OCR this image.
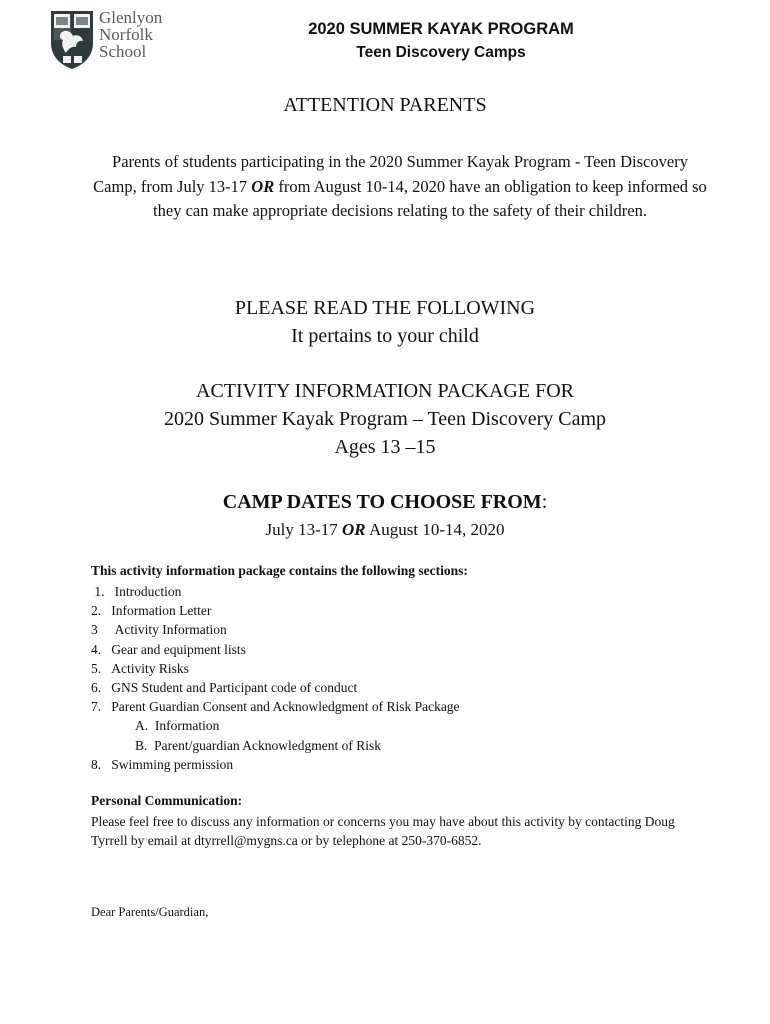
Glenlyon
Norfolk
School
2020 SUMMER KAYAK PROGRAM
Teen Discovery Camps
ATTENTION PARENTS
Parents of students participating in the 2020 Summer Kayak Program - Teen Discovery Camp, from July 13-17 OR from August 10-14, 2020 have an obligation to keep informed so they can make appropriate decisions relating to the safety of their children.
PLEASE READ THE FOLLOWING
It pertains to your child
ACTIVITY INFORMATION PACKAGE FOR
2020 Summer Kayak Program – Teen Discovery Camp
Ages 13 –15
CAMP DATES TO CHOOSE FROM:
July 13-17 OR August 10-14, 2020
This activity information package contains the following sections:
1.   Introduction
2.   Information Letter
3     Activity Information
4.   Gear and equipment lists
5.   Activity Risks
6.   GNS Student and Participant code of conduct
7.   Parent Guardian Consent and Acknowledgment of Risk Package
A.  Information
B.  Parent/guardian Acknowledgment of Risk
8.   Swimming permission
Personal Communication:
Please feel free to discuss any information or concerns you may have about this activity by contacting Doug Tyrrell by email at dtyrrell@mygns.ca or by telephone at 250-370-6852.
Dear Parents/Guardian,
